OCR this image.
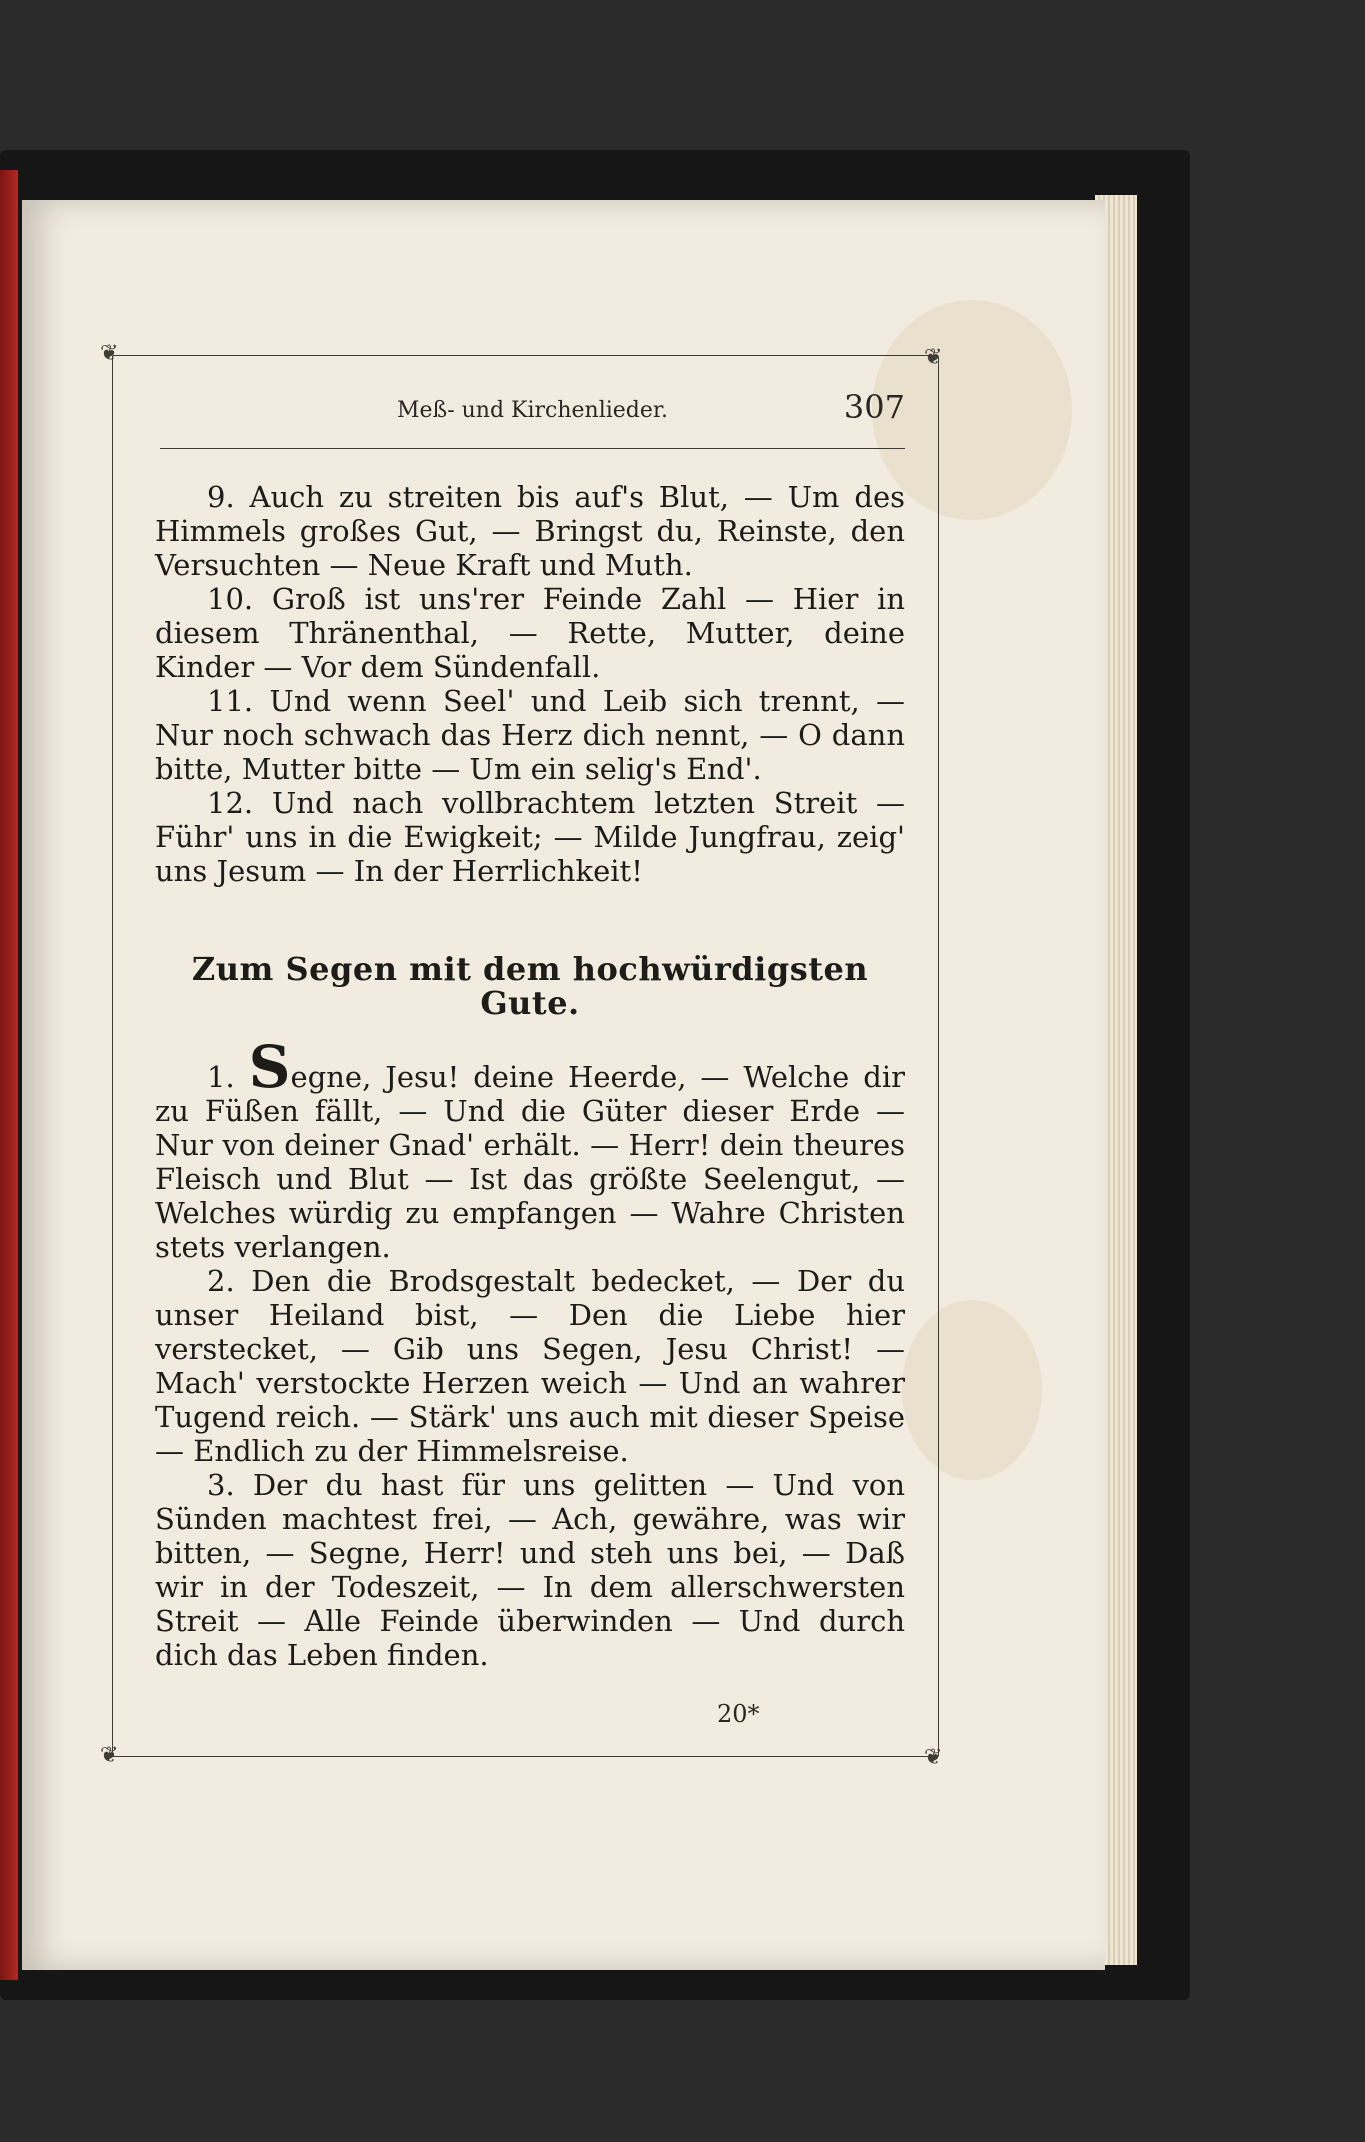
❦	❦
❦	❦
Meß- und Kirchenlieder.	307

9. Auch zu streiten bis auf's Blut, — Um des Himmels großes Gut, — Bringst du, Reinste, den Versuchten — Neue Kraft und Muth.

10. Groß ist uns'rer Feinde Zahl — Hier in diesem Thränenthal, — Rette, Mutter, deine Kinder — Vor dem Sündenfall.

11. Und wenn Seel' und Leib sich trennt, — Nur noch schwach das Herz dich nennt, — O dann bitte, Mutter bitte — Um ein selig's End'.

12. Und nach vollbrachtem letzten Streit — Führ' uns in die Ewigkeit; — Milde Jungfrau, zeig' uns Jesum — In der Herrlichkeit!

Zum Segen mit dem hochwürdigsten Gute.

1. Segne, Jesu! deine Heerde, — Welche dir zu Füßen fällt, — Und die Güter dieser Erde — Nur von deiner Gnad' erhält. — Herr! dein theures Fleisch und Blut — Ist das größte Seelengut, — Welches würdig zu empfangen — Wahre Christen stets verlangen.

2. Den die Brodsgestalt bedecket, — Der du unser Heiland bist, — Den die Liebe hier verstecket, — Gib uns Segen, Jesu Christ! — Mach' verstockte Herzen weich — Und an wahrer Tugend reich. — Stärk' uns auch mit dieser Speise — Endlich zu der Himmelsreise.

3. Der du hast für uns gelitten — Und von Sünden machtest frei, — Ach, gewähre, was wir bitten, — Segne, Herr! und steh uns bei, — Daß wir in der Todeszeit, — In dem allerschwersten Streit — Alle Feinde überwinden — Und durch dich das Leben finden.

20*
